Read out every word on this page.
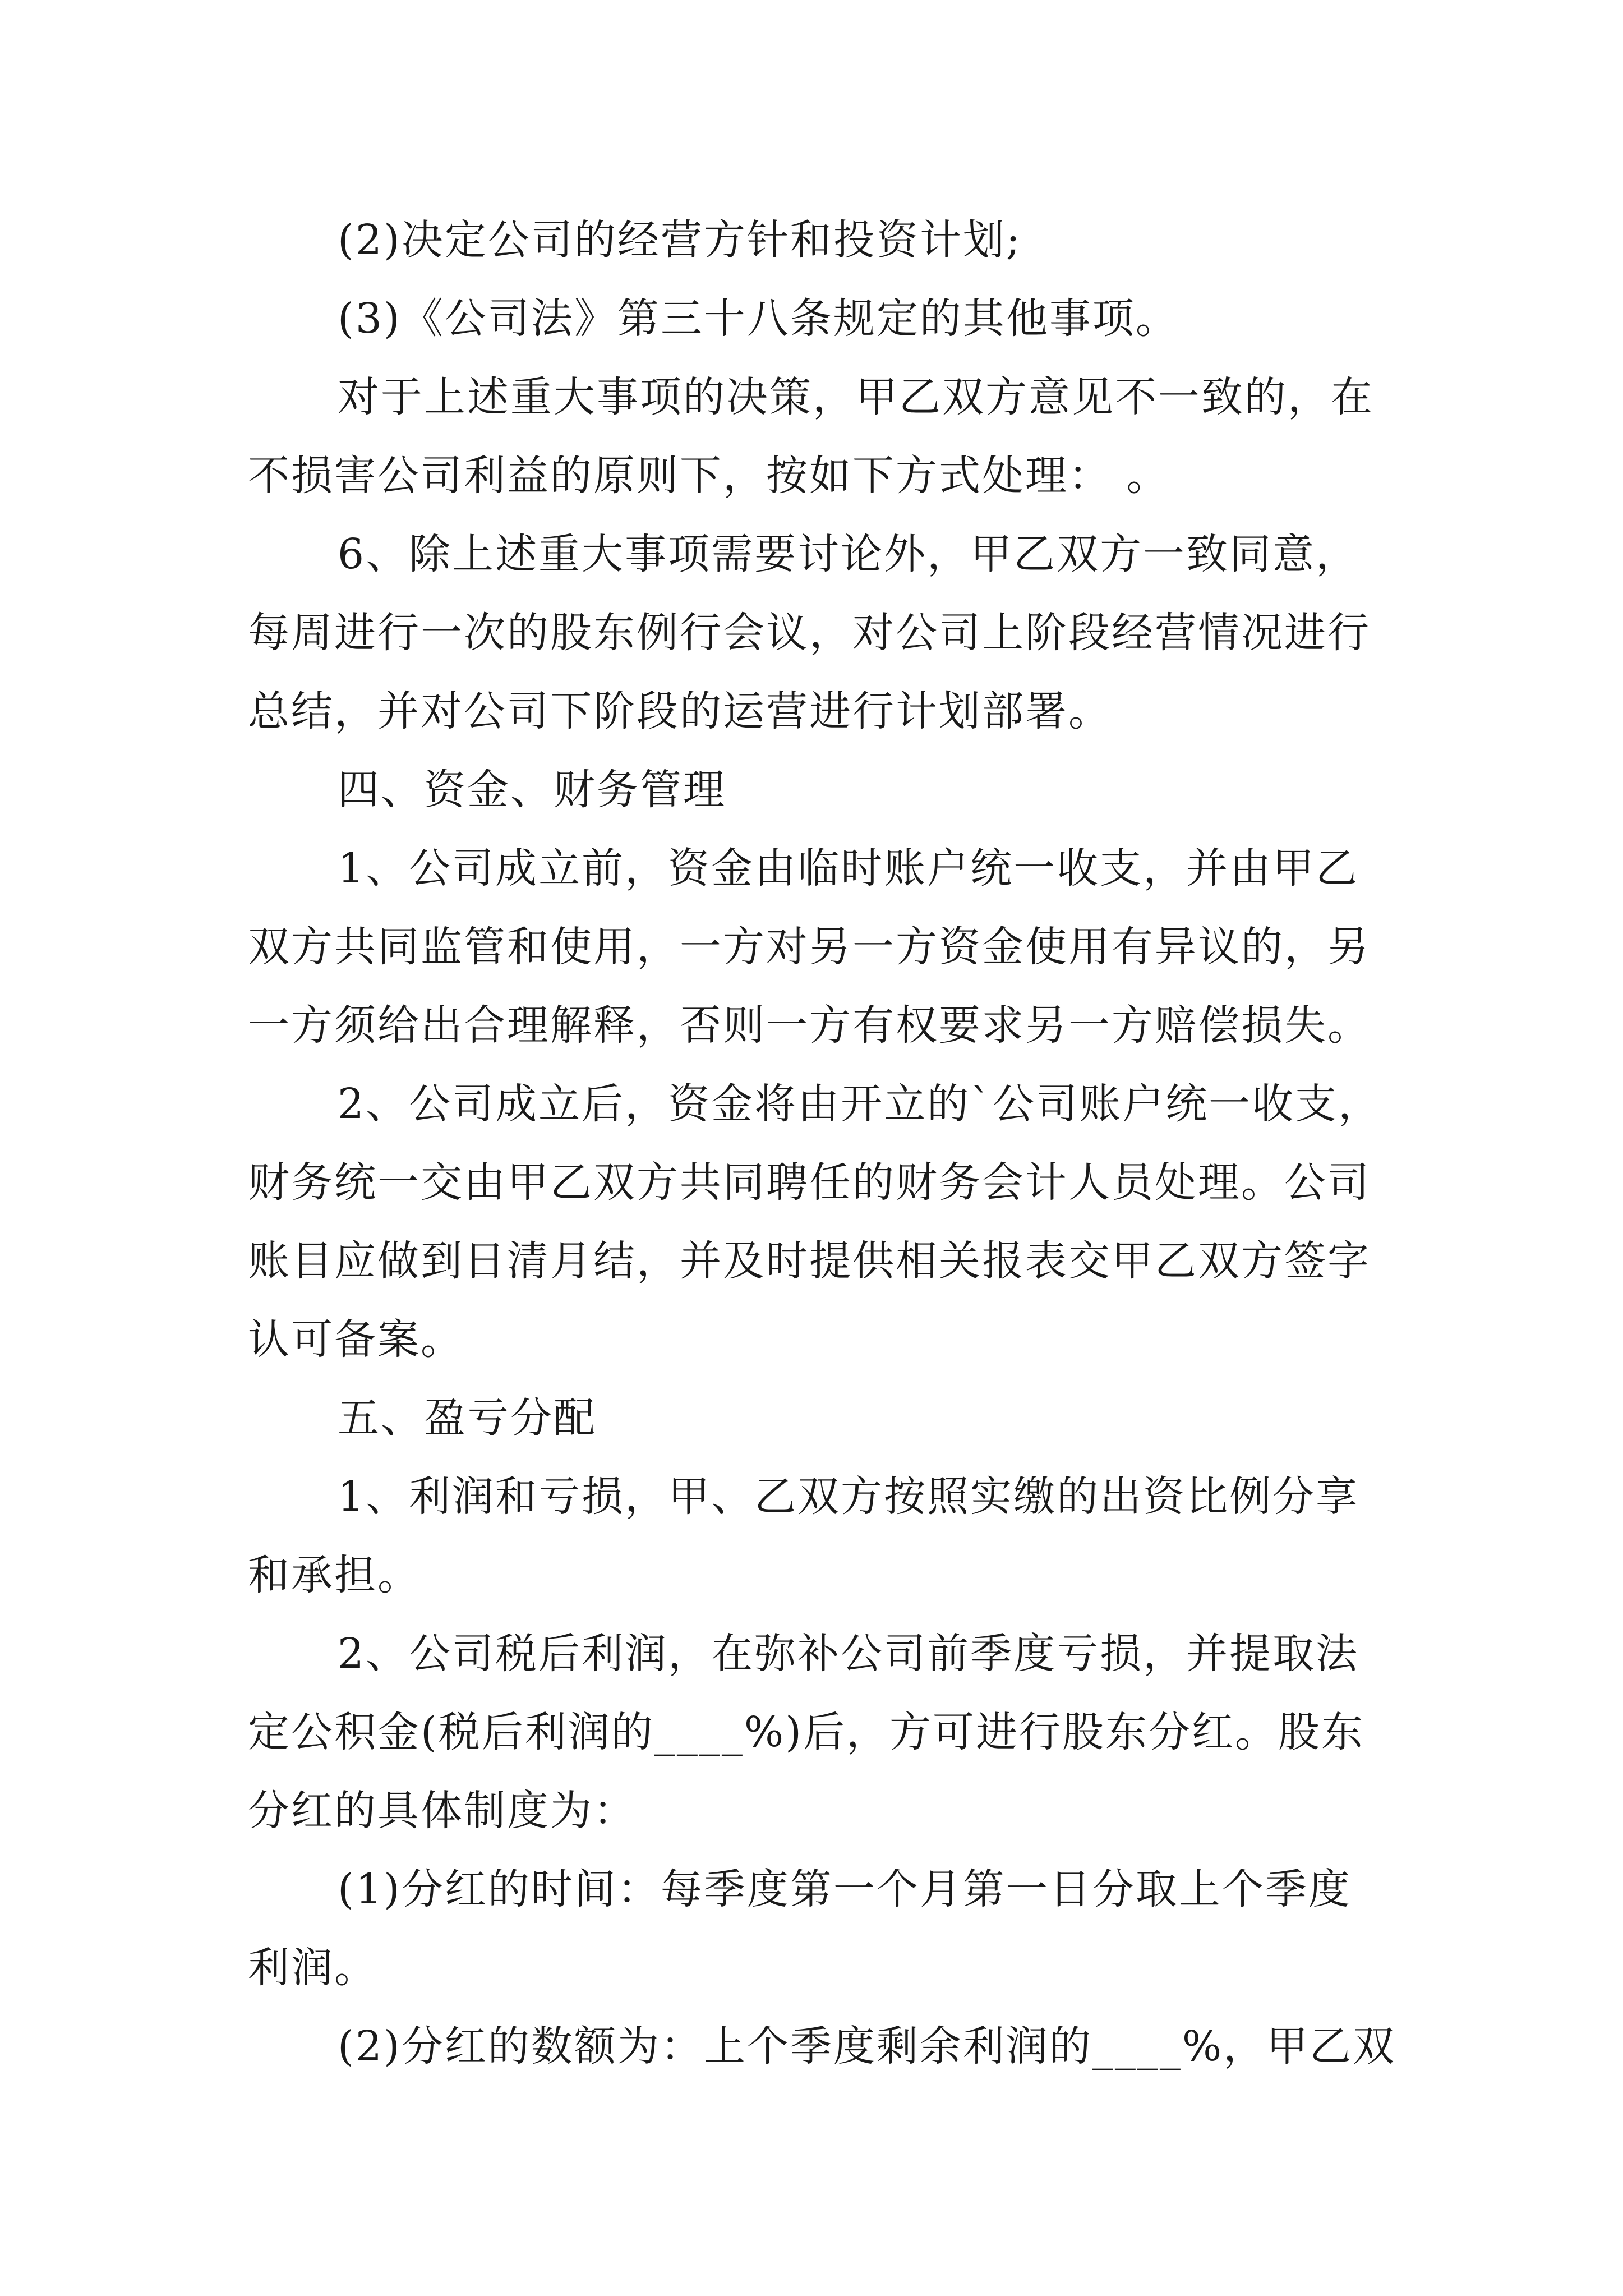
(2)决定公司的经营方针和投资计划;
(3)《公司法》第三十八条规定的其他事项。
对于上述重大事项的决策，甲乙双方意见不一致的，在
不损害公司利益的原则下，按如下方式处理： 。
6、除上述重大事项需要讨论外，甲乙双方一致同意，
每周进行一次的股东例行会议，对公司上阶段经营情况进行
总结，并对公司下阶段的运营进行计划部署。
四、资金、财务管理
1、公司成立前，资金由临时账户统一收支，并由甲乙
双方共同监管和使用，一方对另一方资金使用有异议的，另
一方须给出合理解释，否则一方有权要求另一方赔偿损失。
2、公司成立后，资金将由开立的`公司账户统一收支，
财务统一交由甲乙双方共同聘任的财务会计人员处理。公司
账目应做到日清月结，并及时提供相关报表交甲乙双方签字
认可备案。
五、盈亏分配
1、利润和亏损，甲、乙双方按照实缴的出资比例分享
和承担。
2、公司税后利润，在弥补公司前季度亏损，并提取法
定公积金(税后利润的____%)后，方可进行股东分红。股东
分红的具体制度为：
(1)分红的时间：每季度第一个月第一日分取上个季度
利润。
(2)分红的数额为：上个季度剩余利润的____%，甲乙双
